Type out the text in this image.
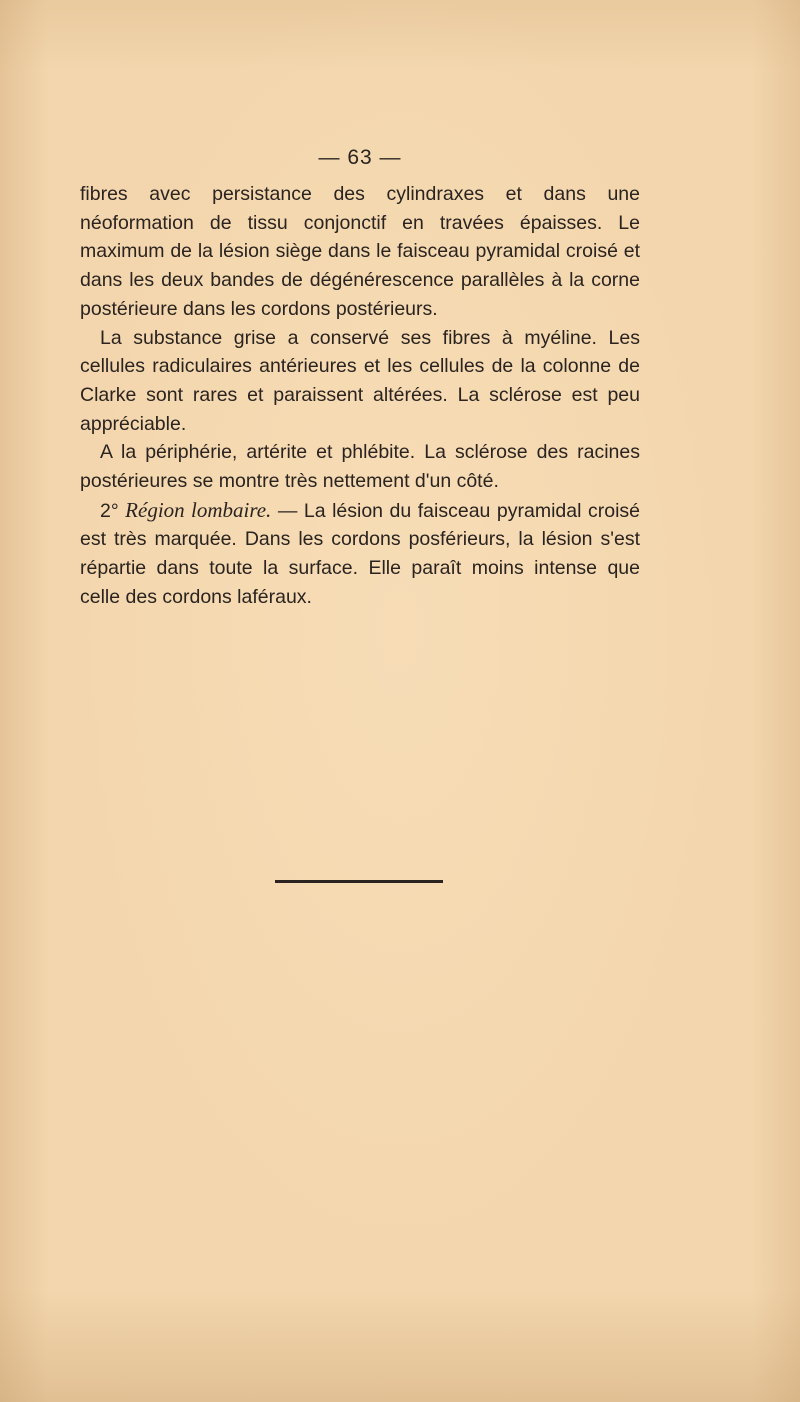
— 63 —

fibres avec persistance des cylindraxes et dans une néoformation de tissu conjonctif en travées épaisses. Le maximum de la lésion siège dans le faisceau pyramidal croisé et dans les deux bandes de dégénérescence parallèles à la corne postérieure dans les cordons postérieurs.

La substance grise a conservé ses fibres à myéline. Les cellules radiculaires antérieures et les cellules de la colonne de Clarke sont rares et paraissent altérées. La sclérose est peu appréciable.

A la périphérie, artérite et phlébite. La sclérose des racines postérieures se montre très nettement d'un côté.

2° Région lombaire. — La lésion du faisceau pyramidal croisé est très marquée. Dans les cordons posférieurs, la lésion s'est répartie dans toute la surface. Elle paraît moins intense que celle des cordons laféraux.
